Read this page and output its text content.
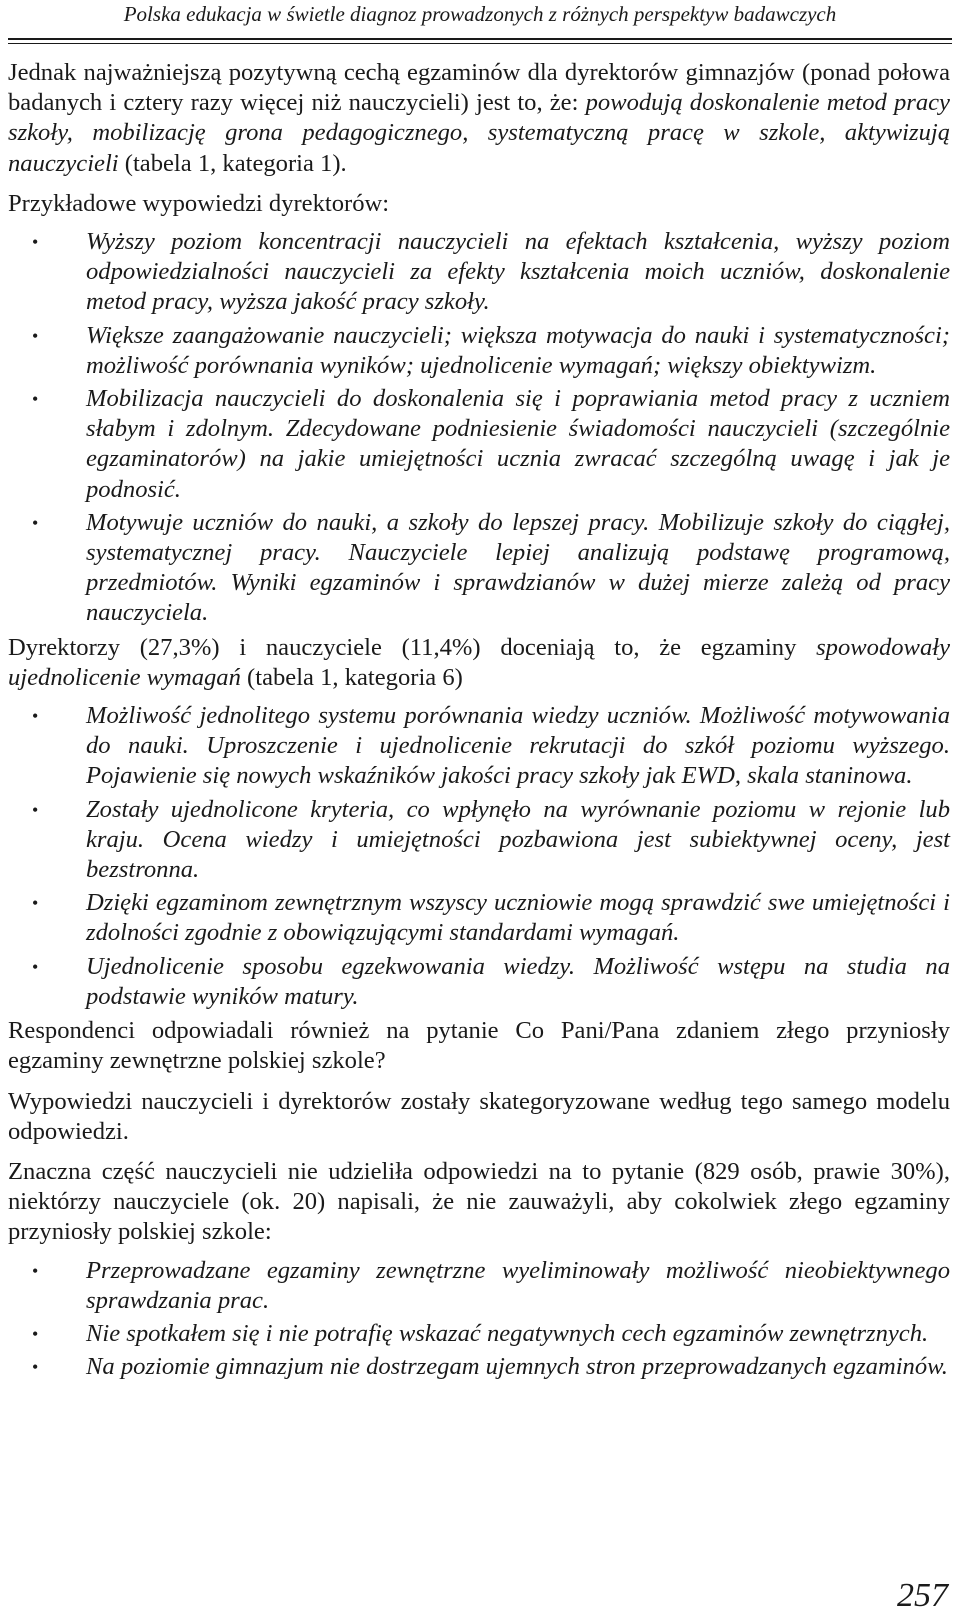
Polska edukacja w świetle diagnoz prowadzonych z różnych perspektyw badawczych

Jednak najważniejszą pozytywną cechą egzaminów dla dyrektorów gimnazjów (ponad połowa badanych i cztery razy więcej niż nauczycieli) jest to, że: powodują doskonalenie metod pracy szkoły, mobilizację grona pedagogicznego, systematyczną pracę w szkole, aktywizują nauczycieli (tabela 1, kategoria 1).

Przykładowe wypowiedzi dyrektorów:

• Wyższy poziom koncentracji nauczycieli na efektach kształcenia, wyższy poziom odpowiedzialności nauczycieli za efekty kształcenia moich uczniów, doskonalenie metod pracy, wyższa jakość pracy szkoły.
• Większe zaangażowanie nauczycieli; większa motywacja do nauki i systematyczności; możliwość porównania wyników; ujednolicenie wymagań; większy obiektywizm.
• Mobilizacja nauczycieli do doskonalenia się i poprawiania metod pracy z uczniem słabym i zdolnym. Zdecydowane podniesienie świadomości nauczycieli (szczególnie egzaminatorów) na jakie umiejętności ucznia zwracać szczególną uwagę i jak je podnosić.
• Motywuje uczniów do nauki, a szkoły do lepszej pracy. Mobilizuje szkoły do ciągłej, systematycznej pracy. Nauczyciele lepiej analizują podstawę programową, przedmiotów. Wyniki egzaminów i sprawdzianów w dużej mierze zależą od pracy nauczyciela.

Dyrektorzy (27,3%) i nauczyciele (11,4%) doceniają to, że egzaminy spowodowały ujednolicenie wymagań (tabela 1, kategoria 6)

• Możliwość jednolitego systemu porównania wiedzy uczniów. Możliwość motywowania do nauki. Uproszczenie i ujednolicenie rekrutacji do szkół poziomu wyższego. Pojawienie się nowych wskaźników jakości pracy szkoły jak EWD, skala staninowa.
• Zostały ujednolicone kryteria, co wpłynęło na wyrównanie poziomu w rejonie lub kraju. Ocena wiedzy i umiejętności pozbawiona jest subiektywnej oceny, jest bezstronna.
• Dzięki egzaminom zewnętrznym wszyscy uczniowie mogą sprawdzić swe umiejętności i zdolności zgodnie z obowiązującymi standardami wymagań.
• Ujednolicenie sposobu egzekwowania wiedzy. Możliwość wstępu na studia na podstawie wyników matury.

Respondenci odpowiadali również na pytanie Co Pani/Pana zdaniem złego przyniosły egzaminy zewnętrzne polskiej szkole?

Wypowiedzi nauczycieli i dyrektorów zostały skategoryzowane według tego samego modelu odpowiedzi.

Znaczna część nauczycieli nie udzieliła odpowiedzi na to pytanie (829 osób, prawie 30%), niektórzy nauczyciele (ok. 20) napisali, że nie zauważyli, aby cokolwiek złego egzaminy przyniosły polskiej szkole:

• Przeprowadzane egzaminy zewnętrzne wyeliminowały możliwość nieobiektywnego sprawdzania prac.
• Nie spotkałem się i nie potrafię wskazać negatywnych cech egzaminów zewnętrznych.
• Na poziomie gimnazjum nie dostrzegam ujemnych stron przeprowadzanych egzaminów.
257
